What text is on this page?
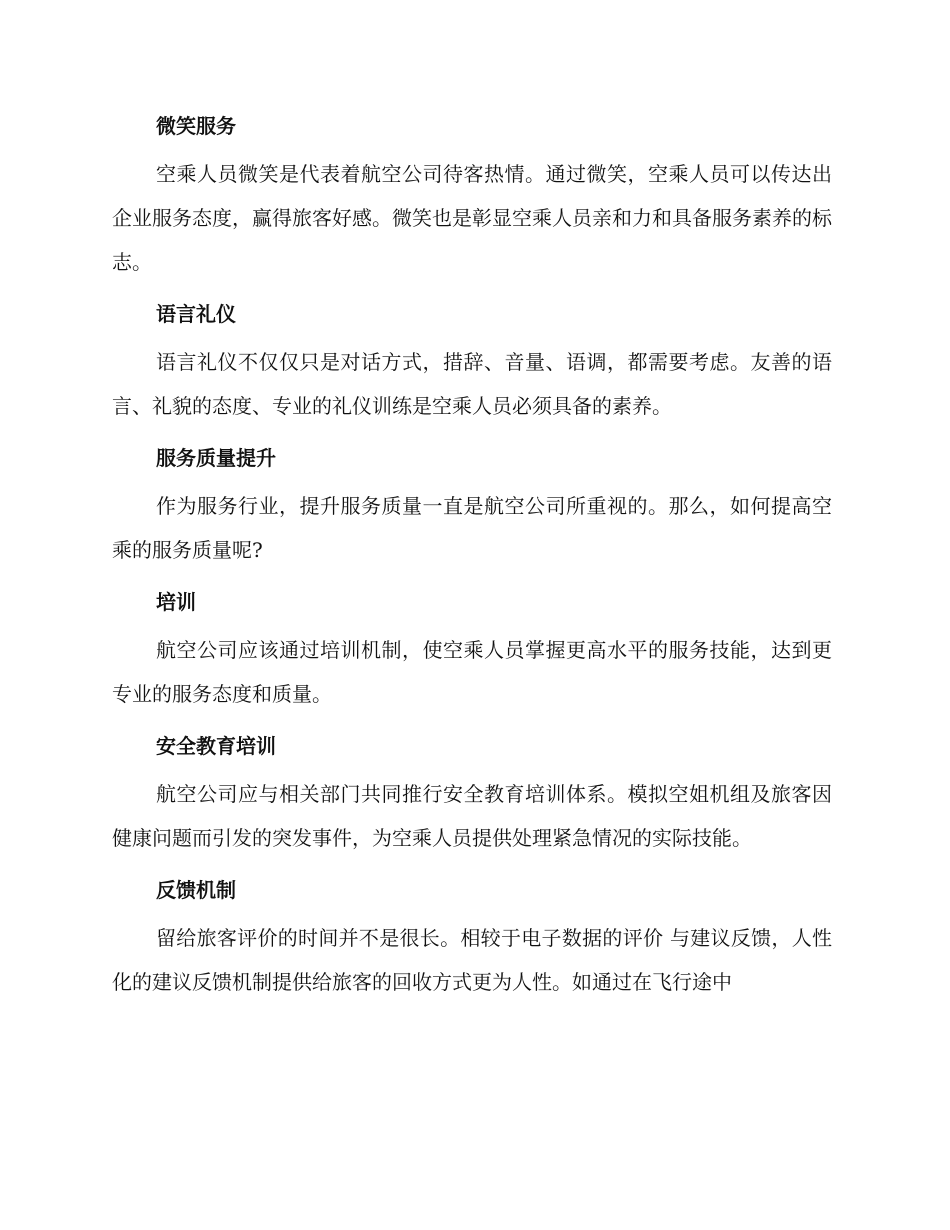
微笑服务

空乘人员微笑是代表着航空公司待客热情。通过微笑，空乘人员可以传达出企业服务态度，赢得旅客好感。微笑也是彰显空乘人员亲和力和具备服务素养的标志。

语言礼仪

语言礼仪不仅仅只是对话方式，措辞、音量、语调，都需要考虑。友善的语言、礼貌的态度、专业的礼仪训练是空乘人员必须具备的素养。

服务质量提升

作为服务行业，提升服务质量一直是航空公司所重视的。那么，如何提高空乘的服务质量呢?

培训

航空公司应该通过培训机制，使空乘人员掌握更高水平的服务技能，达到更专业的服务态度和质量。

安全教育培训

航空公司应与相关部门共同推行安全教育培训体系。模拟空姐机组及旅客因健康问题而引发的突发事件，为空乘人员提供处理紧急情况的实际技能。

反馈机制

留给旅客评价的时间并不是很长。相较于电子数据的评价 与建议反馈，人性化的建议反馈机制提供给旅客的回收方式更为人性。如通过在飞行途中
